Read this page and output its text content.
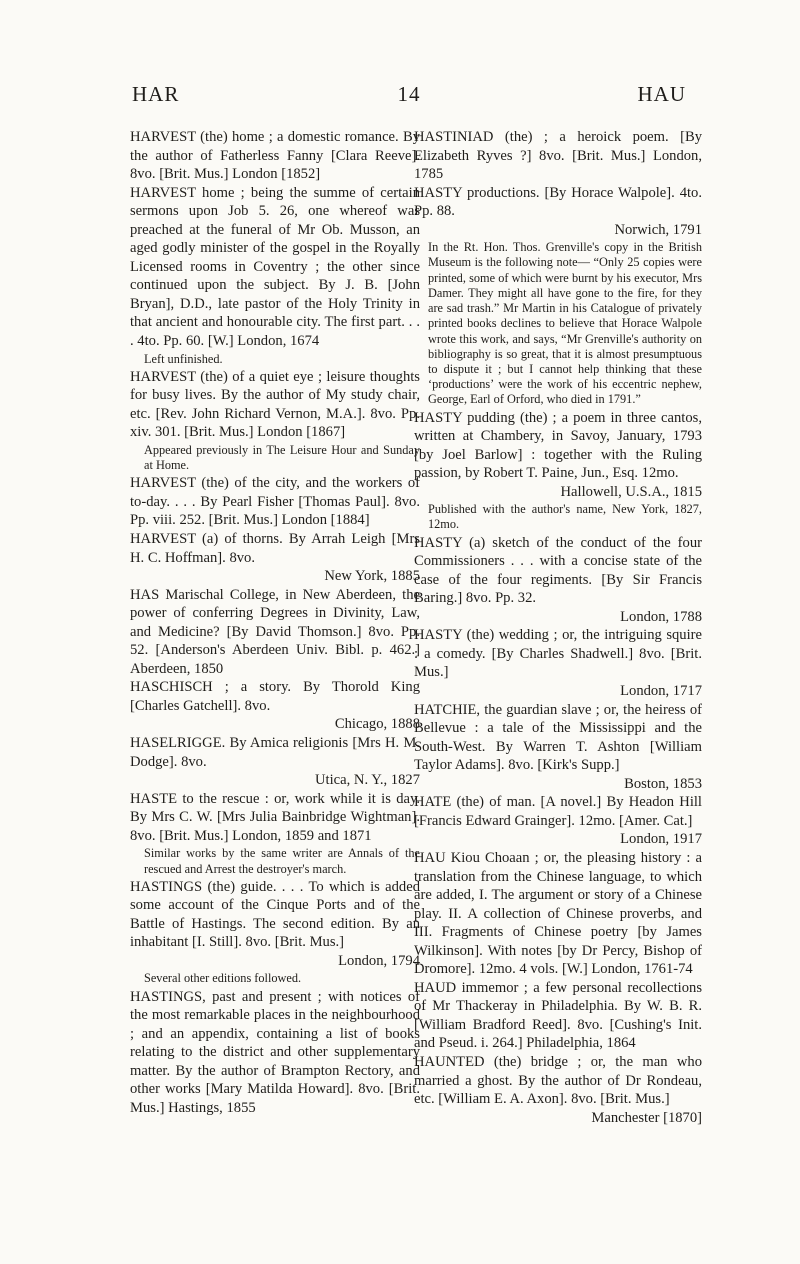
HAR	14	HAU
HARVEST (the) home ; a domestic romance. By the author of Fatherless Fanny [Clara Reeve]. 8vo. [Brit. Mus.] London [1852]
HARVEST home ; being the summe of certain sermons upon Job 5. 26, one whereof was preached at the funeral of Mr Ob. Musson, an aged godly minister of the gospel in the Royally Licensed rooms in Coventry ; the other since continued upon the subject. By J. B. [John Bryan], D.D., late pastor of the Holy Trinity in that ancient and honourable city. The first part. . . . 4to. Pp. 60. [W.] London, 1674
Left unfinished.
HARVEST (the) of a quiet eye ; leisure thoughts for busy lives. By the author of My study chair, etc. [Rev. John Richard Vernon, M.A.]. 8vo. Pp. xiv. 301. [Brit. Mus.] London [1867]
Appeared previously in The Leisure Hour and Sunday at Home.
HARVEST (the) of the city, and the workers of to-day. . . . By Pearl Fisher [Thomas Paul]. 8vo. Pp. viii. 252. [Brit. Mus.] London [1884]
HARVEST (a) of thorns. By Arrah Leigh [Mrs H. C. Hoffman]. 8vo.
New York, 1885
HAS Marischal College, in New Aberdeen, the power of conferring Degrees in Divinity, Law, and Medicine? [By David Thomson.] 8vo. Pp. 52. [Anderson's Aberdeen Univ. Bibl. p. 462.] Aberdeen, 1850
HASCHISCH ; a story. By Thorold King [Charles Gatchell]. 8vo.
Chicago, 1888
HASELRIGGE. By Amica religionis [Mrs H. M. Dodge]. 8vo.
Utica, N. Y., 1827
HASTE to the rescue : or, work while it is day. By Mrs C. W. [Mrs Julia Bainbridge Wightman]. 8vo. [Brit. Mus.] London, 1859 and 1871
Similar works by the same writer are Annals of the rescued and Arrest the destroyer's march.
HASTINGS (the) guide. . . . To which is added some account of the Cinque Ports and of the Battle of Hastings. The second edition. By an inhabitant [I. Still]. 8vo. [Brit. Mus.]
London, 1794
Several other editions followed.
HASTINGS, past and present ; with notices of the most remarkable places in the neighbourhood ; and an appendix, containing a list of books relating to the district and other supplementary matter. By the author of Brampton Rectory, and other works [Mary Matilda Howard]. 8vo. [Brit. Mus.] Hastings, 1855
HASTINIAD (the) ; a heroick poem. [By Elizabeth Ryves ?] 8vo. [Brit. Mus.] London, 1785
HASTY productions. [By Horace Walpole]. 4to. Pp. 88.
Norwich, 1791
In the Rt. Hon. Thos. Grenville's copy in the British Museum is the following note— “Only 25 copies were printed, some of which were burnt by his executor, Mrs Damer. They might all have gone to the fire, for they are sad trash.” Mr Martin in his Catalogue of privately printed books declines to believe that Horace Walpole wrote this work, and says, “Mr Grenville's authority on bibliography is so great, that it is almost presumptuous to dispute it ; but I cannot help thinking that these ‘productions’ were the work of his eccentric nephew, George, Earl of Orford, who died in 1791.”
HASTY pudding (the) ; a poem in three cantos, written at Chambery, in Savoy, January, 1793 [by Joel Barlow] : together with the Ruling passion, by Robert T. Paine, Jun., Esq. 12mo.
Hallowell, U.S.A., 1815
Published with the author's name, New York, 1827, 12mo.
HASTY (a) sketch of the conduct of the four Commissioners . . . with a concise state of the case of the four regiments. [By Sir Francis Baring.] 8vo. Pp. 32.
London, 1788
HASTY (the) wedding ; or, the intriguing squire : a comedy. [By Charles Shadwell.] 8vo. [Brit. Mus.]
London, 1717
HATCHIE, the guardian slave ; or, the heiress of Bellevue : a tale of the Mississippi and the South-West. By Warren T. Ashton [William Taylor Adams]. 8vo. [Kirk's Supp.]
Boston, 1853
HATE (the) of man. [A novel.] By Headon Hill [Francis Edward Grainger]. 12mo. [Amer. Cat.]
London, 1917
HAU Kiou Choaan ; or, the pleasing history : a translation from the Chinese language, to which are added, I. The argument or story of a Chinese play. II. A collection of Chinese proverbs, and III. Fragments of Chinese poetry [by James Wilkinson]. With notes [by Dr Percy, Bishop of Dromore]. 12mo. 4 vols. [W.] London, 1761-74
HAUD immemor ; a few personal recollections of Mr Thackeray in Philadelphia. By W. B. R. [William Bradford Reed]. 8vo. [Cushing's Init. and Pseud. i. 264.] Philadelphia, 1864
HAUNTED (the) bridge ; or, the man who married a ghost. By the author of Dr Rondeau, etc. [William E. A. Axon]. 8vo. [Brit. Mus.]
Manchester [1870]
